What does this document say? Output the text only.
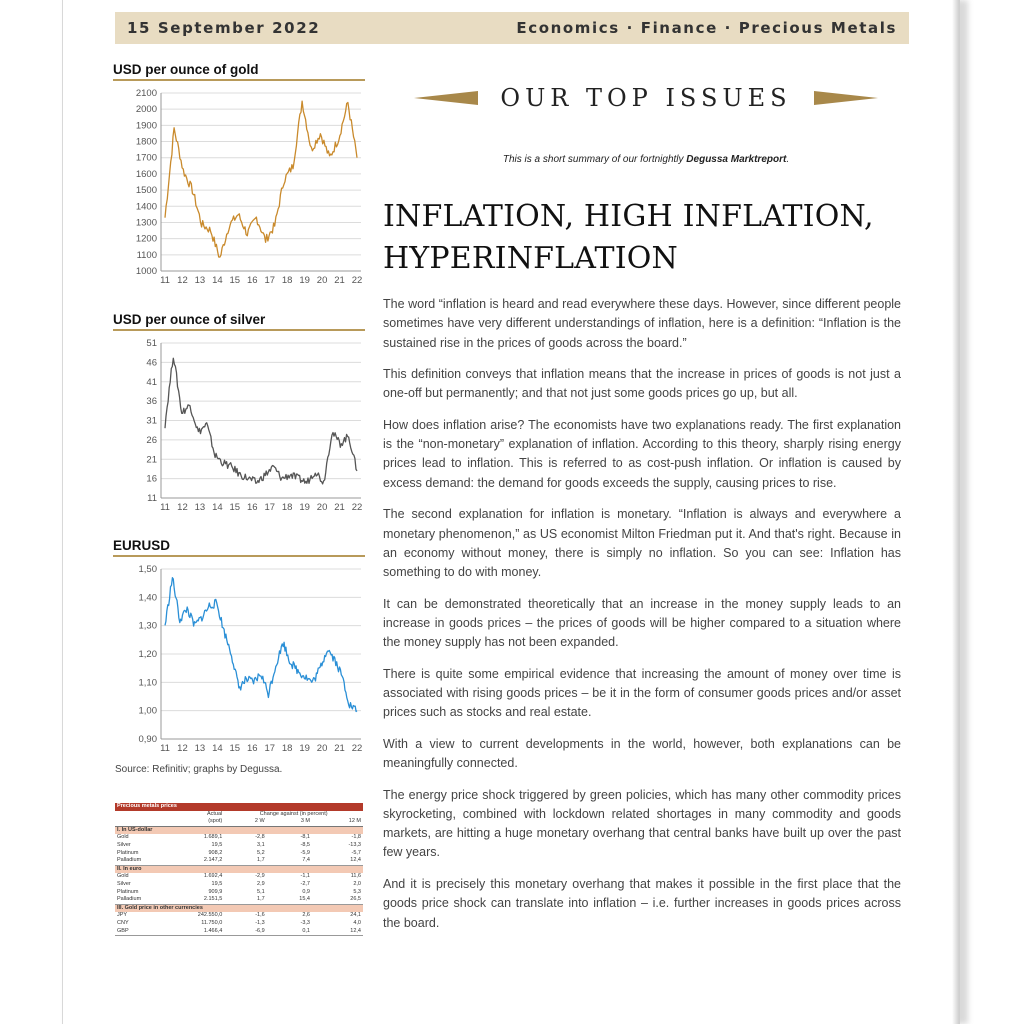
15 September 2022	Economics · Finance · Precious Metals
USD per ounce of gold
2100
2000
1900
1800
1700
1600
1500
1400
1300
1200
1100
1000
11 12 13 14 15 16 17 18 19 20 21 22
USD per ounce of silver
51
46
41
36
31
26
21
16
11
11 12 13 14 15 16 17 18 19 20 21 22
EURUSD
1,50
1,40
1,30
1,20
1,10
1,00
0,90
11 12 13 14 15 16 17 18 19 20 21 22
Source: Refinitiv; graphs by Degussa.
Precious metals prices				
	Actual	Change against (in percent)		
	(spot)	2 W	3 M	12 M
I. In US-dollar				
Gold	1.689,1	-2,8	-8,1	-1,8
Silver	19,5	3,1	-8,5	-13,3
Platinum	908,2	5,2	-5,9	-5,7
Palladium	2.147,2	1,7	7,4	12,4
II. In euro				
Gold	1.692,4	-2,9	-1,1	11,6
Silver	19,5	2,9	-2,7	2,0
Platinum	909,9	5,1	0,9	5,3
Palladium	2.151,5	1,7	15,4	26,5
III. Gold price in other currencies				
JPY	242.550,0	-1,6	2,6	24,1
CNY	11.750,0	-1,3	-3,3	4,0
GBP	1.466,4	-6,9	0,1	12,4
OUR TOP ISSUES
This is a short summary of our fortnightly Degussa Marktreport.
INFLATION, HIGH INFLATION, HYPERINFLATION

The word “inflation is heard and read everywhere these days. However, since different people sometimes have very different understandings of inflation, here is a definition: “Inflation is the sustained rise in the prices of goods across the board.”

This definition conveys that inflation means that the increase in prices of goods is not just a one-off but permanently; and that not just some goods prices go up, but all.

How does inflation arise? The economists have two explanations ready. The first explanation is the “non-monetary” explanation of inflation. According to this theory, sharply rising energy prices lead to inflation. This is referred to as cost-push inflation. Or inflation is caused by excess demand: the demand for goods exceeds the supply, causing prices to rise.

The second explanation for inflation is monetary. “Inflation is always and everywhere a monetary phenomenon,” as US economist Milton Friedman put it. And that's right. Because in an economy without money, there is simply no inflation. So you can see: Inflation has something to do with money.

It can be demonstrated theoretically that an increase in the money supply leads to an increase in goods prices – the prices of goods will be higher compared to a situation where the money supply has not been expanded.

There is quite some empirical evidence that increasing the amount of money over time is associated with rising goods prices – be it in the form of consumer goods prices and/or asset prices such as stocks and real estate.

With a view to current developments in the world, however, both explanations can be meaningfully connected.

The energy price shock triggered by green policies, which has many other commodity prices skyrocketing, combined with lockdown related shortages in many commodity and goods markets, are hitting a huge monetary overhang that central banks have built up over the past few years.

And it is precisely this monetary overhang that makes it possible in the first place that the goods price shock can translate into inflation – i.e. further increases in goods prices across the board.
